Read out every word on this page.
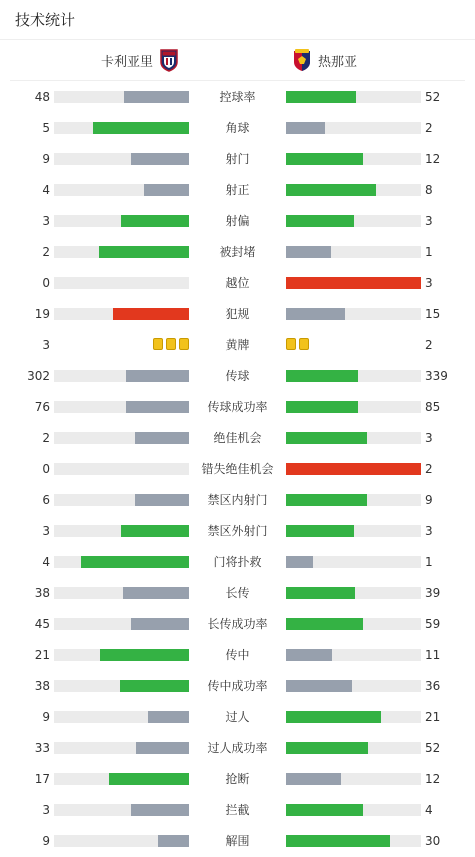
技术统计
卡利亚里	热那亚
48	控球率	52
5	角球	2
9	射门	12
4	射正	8
3	射偏	3
2	被封堵	1
0	越位	3
19	犯规	15
3	黄牌	2
302	传球	339
76	传球成功率	85
2	绝佳机会	3
0	错失绝佳机会	2
6	禁区内射门	9
3	禁区外射门	3
4	门将扑救	1
38	长传	39
45	长传成功率	59
21	传中	11
38	传中成功率	36
9	过人	21
33	过人成功率	52
17	抢断	12
3	拦截	4
9	解围	30
